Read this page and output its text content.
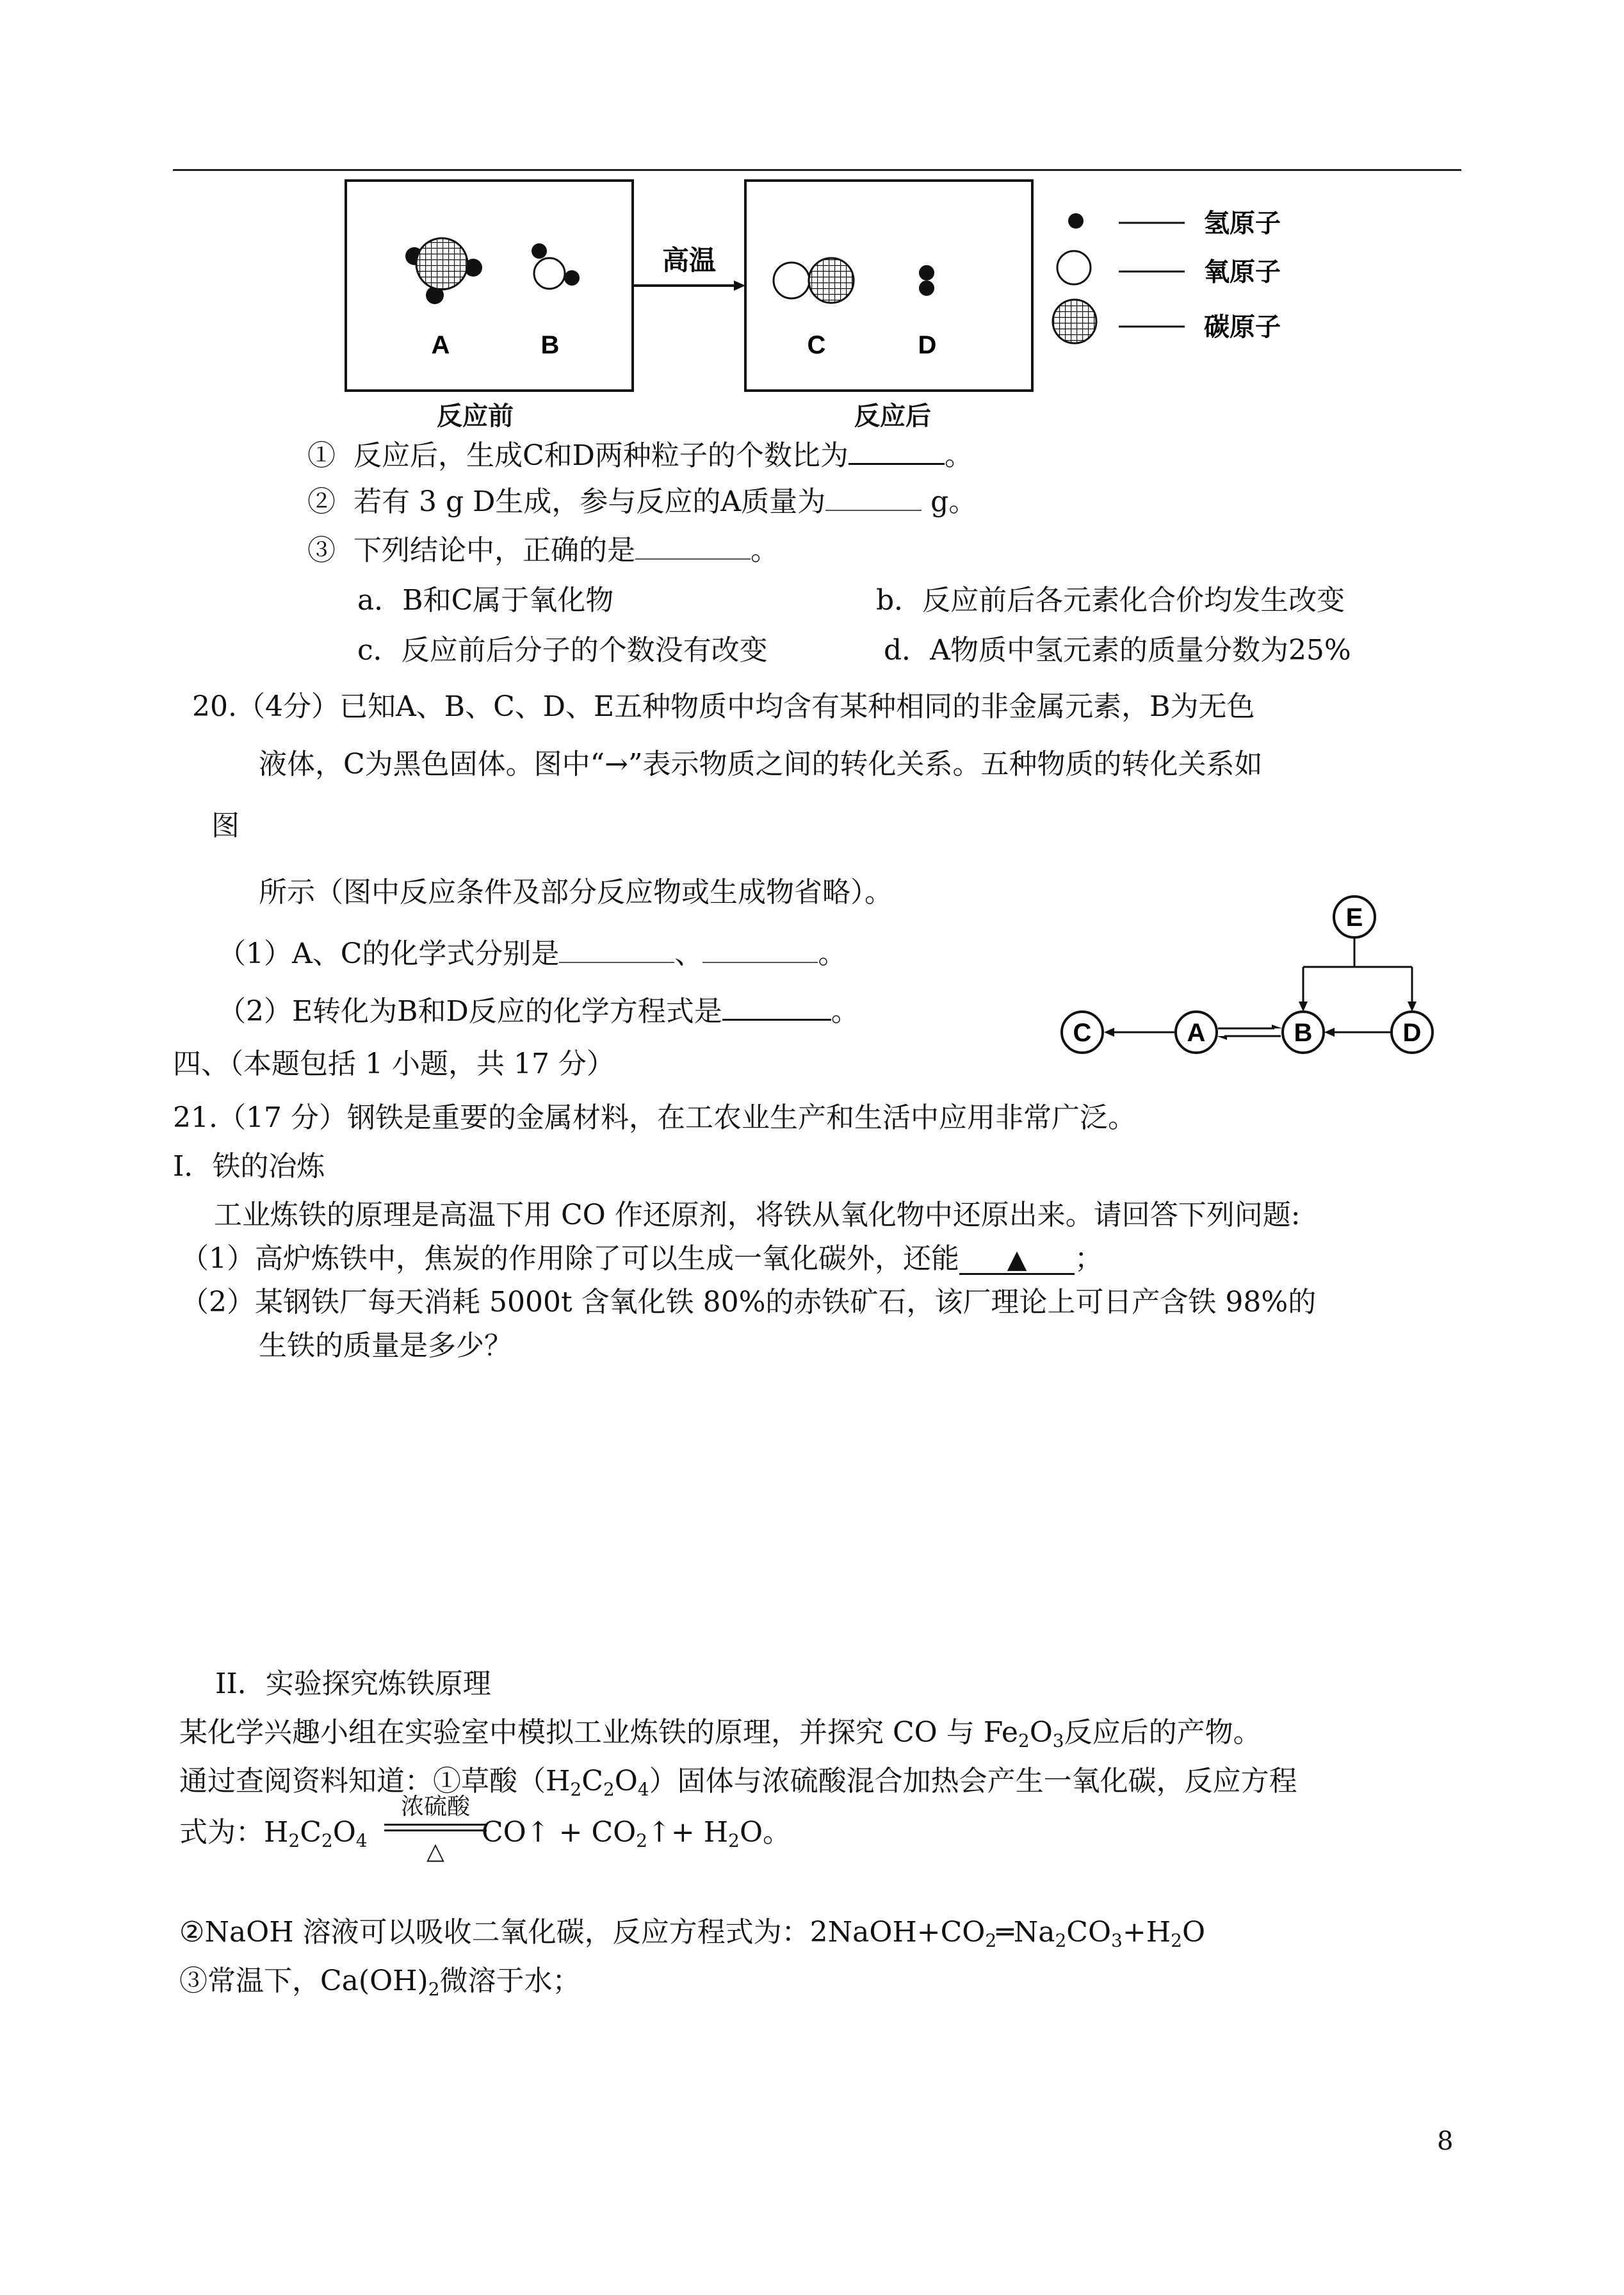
A	B
高温
C	D
氢原子
氧原子
碳原子
反应前	反应后
① 反应后，生成C和D两种粒子的个数比为	。
② 若有 3 g D生成，参与反应的A质量为	g。
③ 下列结论中，正确的是	。
a．B和C属于氧化物	b．反应前后各元素化合价均发生改变
c．反应前后分子的个数没有改变	d．A物质中氢元素的质量分数为25%
20.（4分）已知A、B、C、D、E五种物质中均含有某种相同的非金属元素，B为无色
液体，C为黑色固体。图中“→”表示物质之间的转化关系。五种物质的转化关系如
图
所示（图中反应条件及部分反应物或生成物省略）。
（1）A、C的化学式分别是	、	。
（2）E转化为B和D反应的化学方程式是	。
E
C	A	B	D
四、（本题包括 1 小题，共 17 分）
21.（17 分）钢铁是重要的金属材料，在工农业生产和生活中应用非常广泛。
I．铁的冶炼
工业炼铁的原理是高温下用 CO 作还原剂，将铁从氧化物中还原出来。请回答下列问题:
（1）高炉炼铁中，焦炭的作用除了可以生成一氧化碳外，还能 ▲ ；
（2）某钢铁厂每天消耗 5000t 含氧化铁 80%的赤铁矿石，该厂理论上可日产含铁 98%的
生铁的质量是多少？
II．实验探究炼铁原理
某化学兴趣小组在实验室中模拟工业炼铁的原理，并探究 CO 与 $Fe_2O_3$反应后的产物。
通过查阅资料知道：①草酸$(H_2C_2O_4)$固体与浓硫酸混合加热会产生一氧化碳，反应方程
式为：$H_2C_2O_4$
浓硫酸
△
CO↑ + $CO_2↑+ H_2O$。
②NaOH 溶液可以吸收二氧化碳，反应方程式为：$2NaOH+CO_2═Na_2CO_3+H_2O$
③常温下，$Ca(OH)_2$微溶于水；
8
